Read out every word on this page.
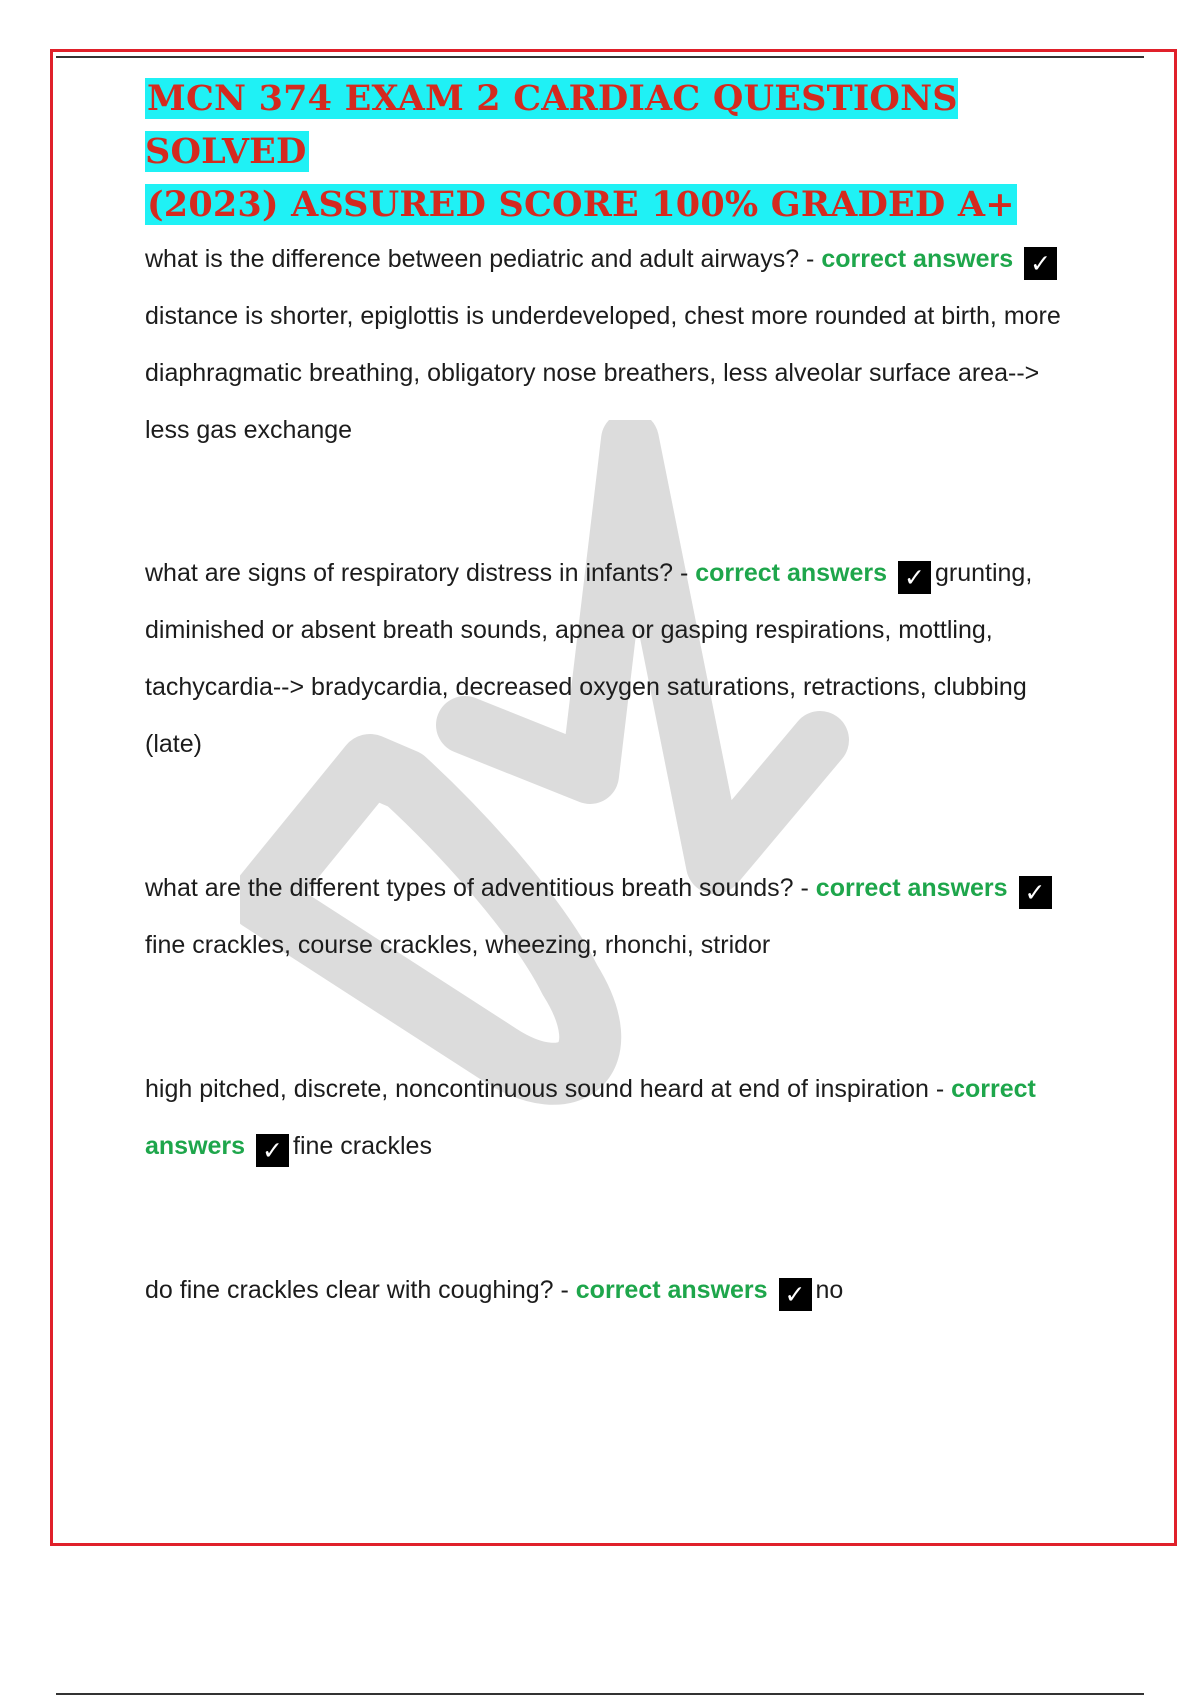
MCN 374 EXAM 2 CARDIAC QUESTIONS SOLVED
(2023) ASSURED SCORE 100% GRADED A+

what is the difference between pediatric and adult airways? - correct answers ✓distance is shorter, epiglottis is underdeveloped, chest more rounded at birth, more diaphragmatic breathing, obligatory nose breathers, less alveolar surface area--> less gas exchange

what are signs of respiratory distress in infants? - correct answers ✓ grunting, diminished or absent breath sounds, apnea or gasping respirations, mottling, tachycardia--> bradycardia, decreased oxygen saturations, retractions, clubbing (late)

what are the different types of adventitious breath sounds? - correct answers ✓fine crackles, course crackles, wheezing, rhonchi, stridor

high pitched, discrete, noncontinuous sound heard at end of inspiration - correct answers ✓ fine crackles

do fine crackles clear with coughing? - correct answers ✓ no
